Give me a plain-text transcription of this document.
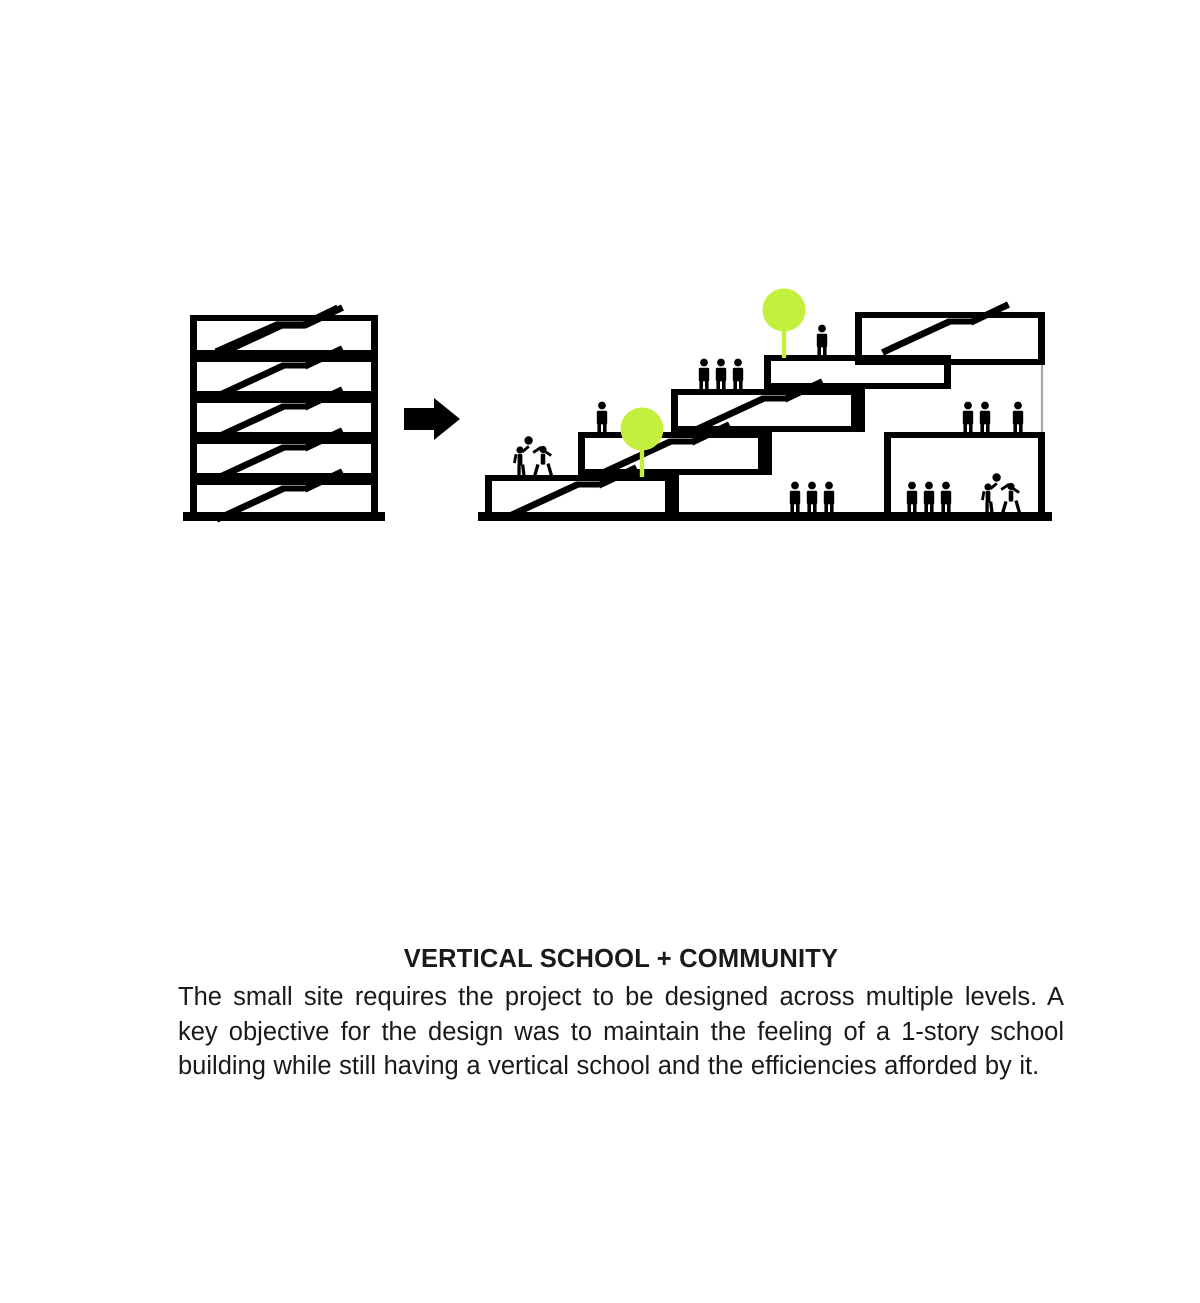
VERTICAL SCHOOL + COMMUNITY

The small site requires the project to be designed across multiple levels. A key objective for the design was to maintain the feeling of a 1-story school building while still having a vertical school and the efficiencies afforded by it.
